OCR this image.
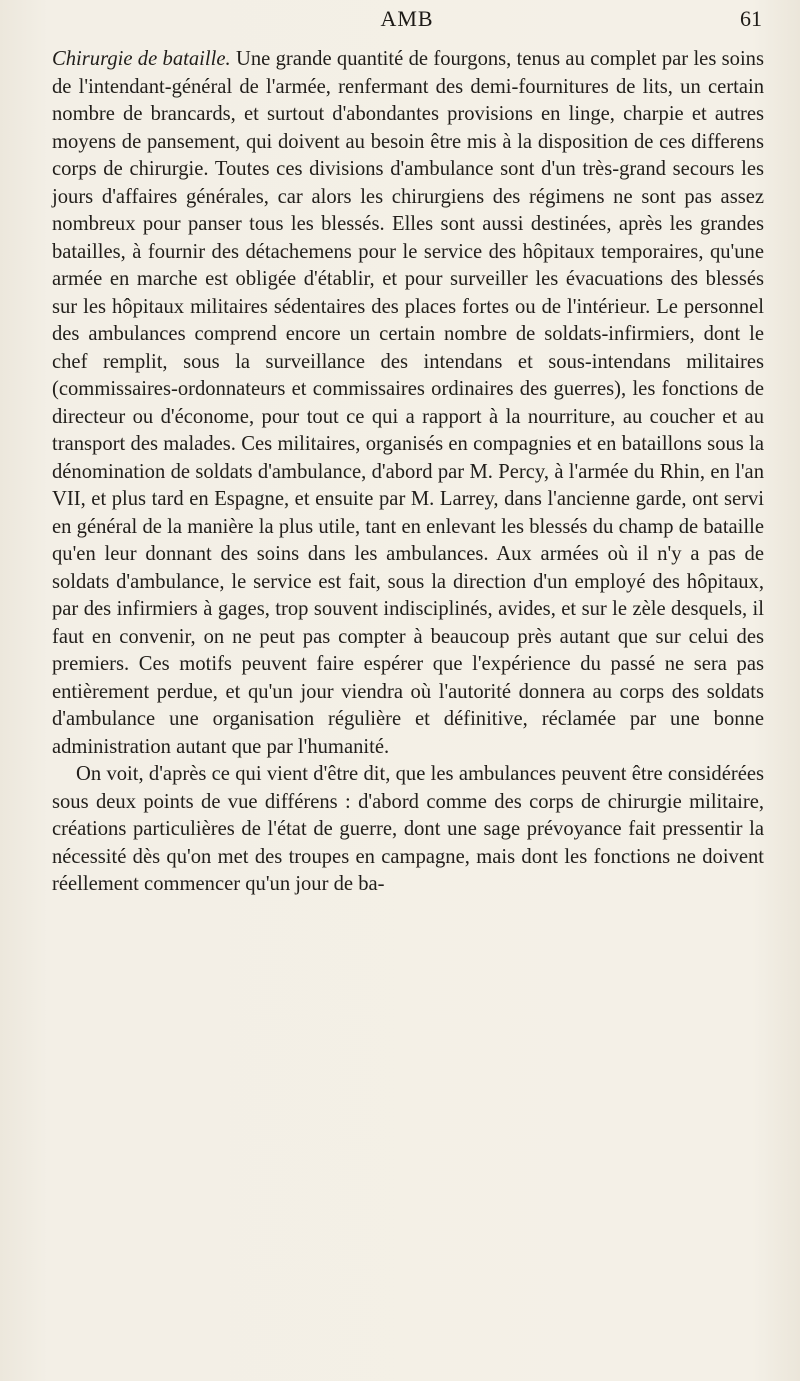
AMB	61

Chirurgie de bataille. Une grande quantité de fourgons, tenus au complet par les soins de l'intendant-général de l'armée, renfermant des demi-fournitures de lits, un certain nombre de brancards, et surtout d'abondantes provisions en linge, charpie et autres moyens de pansement, qui doivent au besoin être mis à la disposition de ces differens corps de chirurgie. Toutes ces divisions d'ambulance sont d'un très-grand secours les jours d'affaires générales, car alors les chirurgiens des régimens ne sont pas assez nombreux pour panser tous les blessés. Elles sont aussi destinées, après les grandes batailles, à fournir des détachemens pour le service des hôpitaux temporaires, qu'une armée en marche est obligée d'établir, et pour surveiller les évacuations des blessés sur les hôpitaux militaires sédentaires des places fortes ou de l'intérieur. Le personnel des ambulances comprend encore un certain nombre de soldats-infirmiers, dont le chef remplit, sous la surveillance des intendans et sous-intendans militaires (commissaires-ordonnateurs et commissaires ordinaires des guerres), les fonctions de directeur ou d'économe, pour tout ce qui a rapport à la nourriture, au coucher et au transport des malades. Ces militaires, organisés en compagnies et en bataillons sous la dénomination de soldats d'ambulance, d'abord par M. Percy, à l'armée du Rhin, en l'an VII, et plus tard en Espagne, et ensuite par M. Larrey, dans l'ancienne garde, ont servi en général de la manière la plus utile, tant en enlevant les blessés du champ de bataille qu'en leur donnant des soins dans les ambulances. Aux armées où il n'y a pas de soldats d'ambulance, le service est fait, sous la direction d'un employé des hôpitaux, par des infirmiers à gages, trop souvent indisciplinés, avides, et sur le zèle desquels, il faut en convenir, on ne peut pas compter à beaucoup près autant que sur celui des premiers. Ces motifs peuvent faire espérer que l'expérience du passé ne sera pas entièrement perdue, et qu'un jour viendra où l'autorité donnera au corps des soldats d'ambulance une organisation régulière et définitive, réclamée par une bonne administration autant que par l'humanité.

On voit, d'après ce qui vient d'être dit, que les ambulances peuvent être considérées sous deux points de vue différens : d'abord comme des corps de chirurgie militaire, créations particulières de l'état de guerre, dont une sage prévoyance fait pressentir la nécessité dès qu'on met des troupes en campagne, mais dont les fonctions ne doivent réellement commencer qu'un jour de ba-
